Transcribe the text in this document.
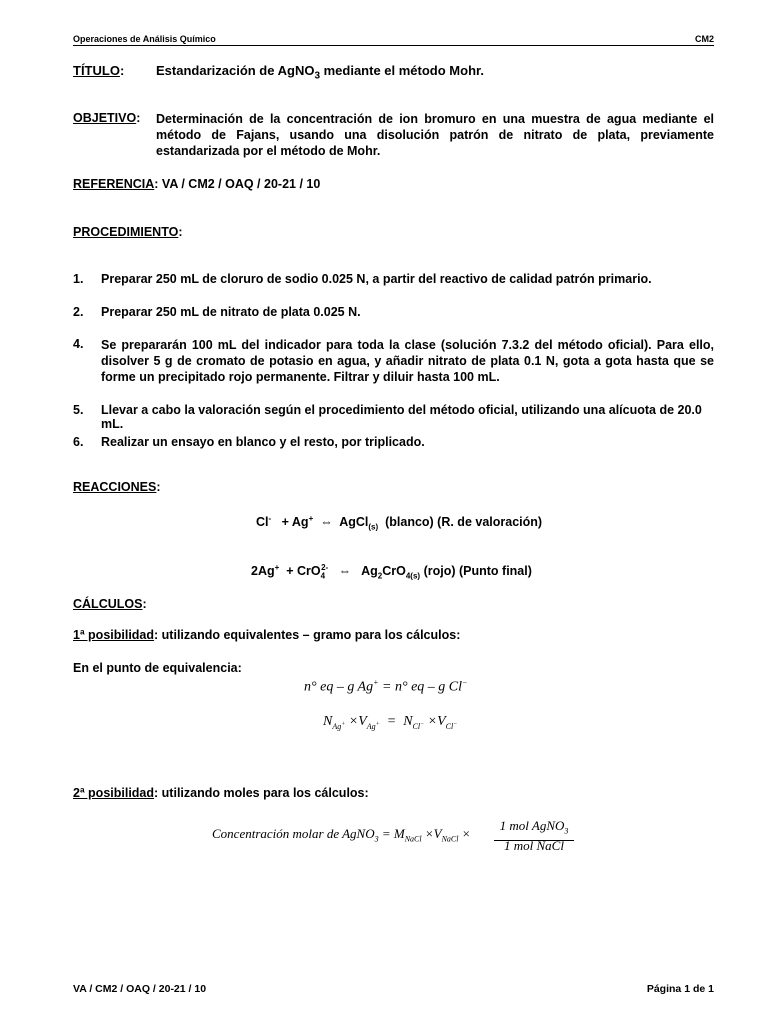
Operaciones de Análisis Químico	CM2
TÍTULO: Estandarización de AgNO$_3$ mediante el método Mohr.
OBJETIVO: Determinación de la concentración de ion bromuro en una muestra de agua mediante el método de Fajans, usando una disolución patrón de nitrato de plata, previamente estandarizada por el método de Mohr.
REFERENCIA: VA / CM2 / OAQ / 20-21 / 10
PROCEDIMIENTO:
1. Preparar 250 mL de cloruro de sodio 0.025 N, a partir del reactivo de calidad patrón primario.
2. Preparar 250 mL de nitrato de plata 0.025 N.
4. Se prepararán 100 mL del indicador para toda la clase (solución 7.3.2 del método oficial). Para ello, disolver 5 g de cromato de potasio en agua, y añadir nitrato de plata 0.1 N, gota a gota hasta que se forme un precipitado rojo permanente. Filtrar y diluir hasta 100 mL.
5. Llevar a cabo la valoración según el procedimiento del método oficial, utilizando una alícuota de 20.0 mL.
6. Realizar un ensayo en blanco y el resto, por triplicado.
REACCIONES:
Cl- + Ag+ ⇔ AgCl$_{(s)}$ (blanco) (R. de valoración)
2Ag+ + CrO$_4^{2-}$ ⇔ $Ag_2CrO_{4(s)}$ (rojo) (Punto final)
CÁLCULOS:
1ª posibilidad: utilizando equivalentes – gramo para los cálculos:
En el punto de equivalencia:
n° eq – g Ag+ = n° eq – g Cl−
$N_{Ag^+} \times V_{Ag^+} = N_{Cl^-} \times V_{Cl^-}$
2ª posibilidad: utilizando moles para los cálculos:
Concentración molar de AgNO$_3$ = $M_{NaCl} \times V_{NaCl}$ ×
1 mol AgNO$_3$
1 mol NaCl
VA / CM2 / OAQ / 20-21 / 10	Página 1 de 1
